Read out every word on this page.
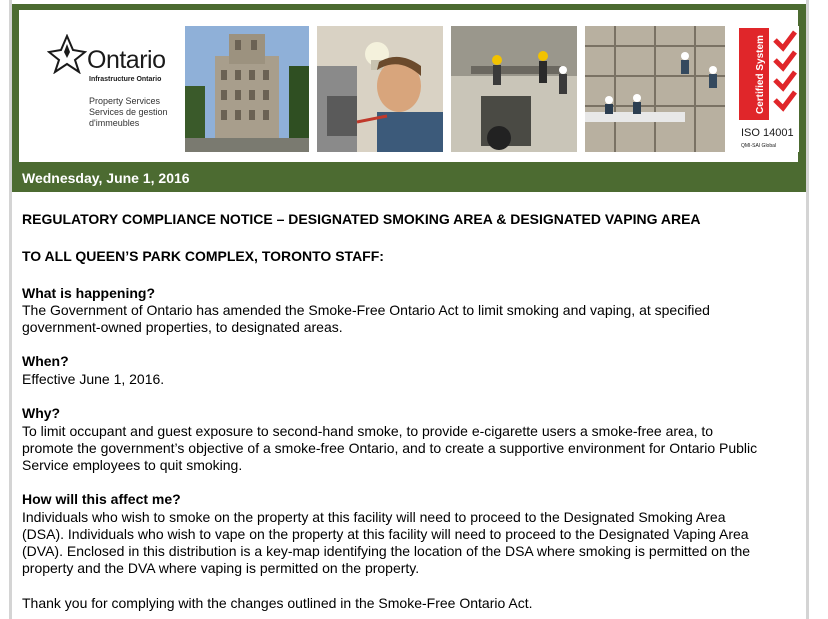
Ontario
Infrastructure Ontario
Property Services
Services de gestion d'immeubles
Certified System
ISO 14001
QMI-SAI Global
Wednesday, June 1, 2016
REGULATORY COMPLIANCE NOTICE – DESIGNATED SMOKING AREA & DESIGNATED VAPING AREA
TO ALL QUEEN’S PARK COMPLEX, TORONTO STAFF:
What is happening?
The Government of Ontario has amended the Smoke-Free Ontario Act to limit smoking and vaping, at specified
government-owned properties, to designated areas.
When?
Effective June 1, 2016.
Why?
To limit occupant and guest exposure to second-hand smoke, to provide e-cigarette users a smoke-free area, to
promote the government’s objective of a smoke-free Ontario, and to create a supportive environment for Ontario Public
Service employees to quit smoking.
How will this affect me?
Individuals who wish to smoke on the property at this facility will need to proceed to the Designated Smoking Area
(DSA). Individuals who wish to vape on the property at this facility will need to proceed to the Designated Vaping Area
(DVA). Enclosed in this distribution is a key-map identifying the location of the DSA where smoking is permitted on the
property and the DVA where vaping is permitted on the property.
Thank you for complying with the changes outlined in the Smoke-Free Ontario Act.
